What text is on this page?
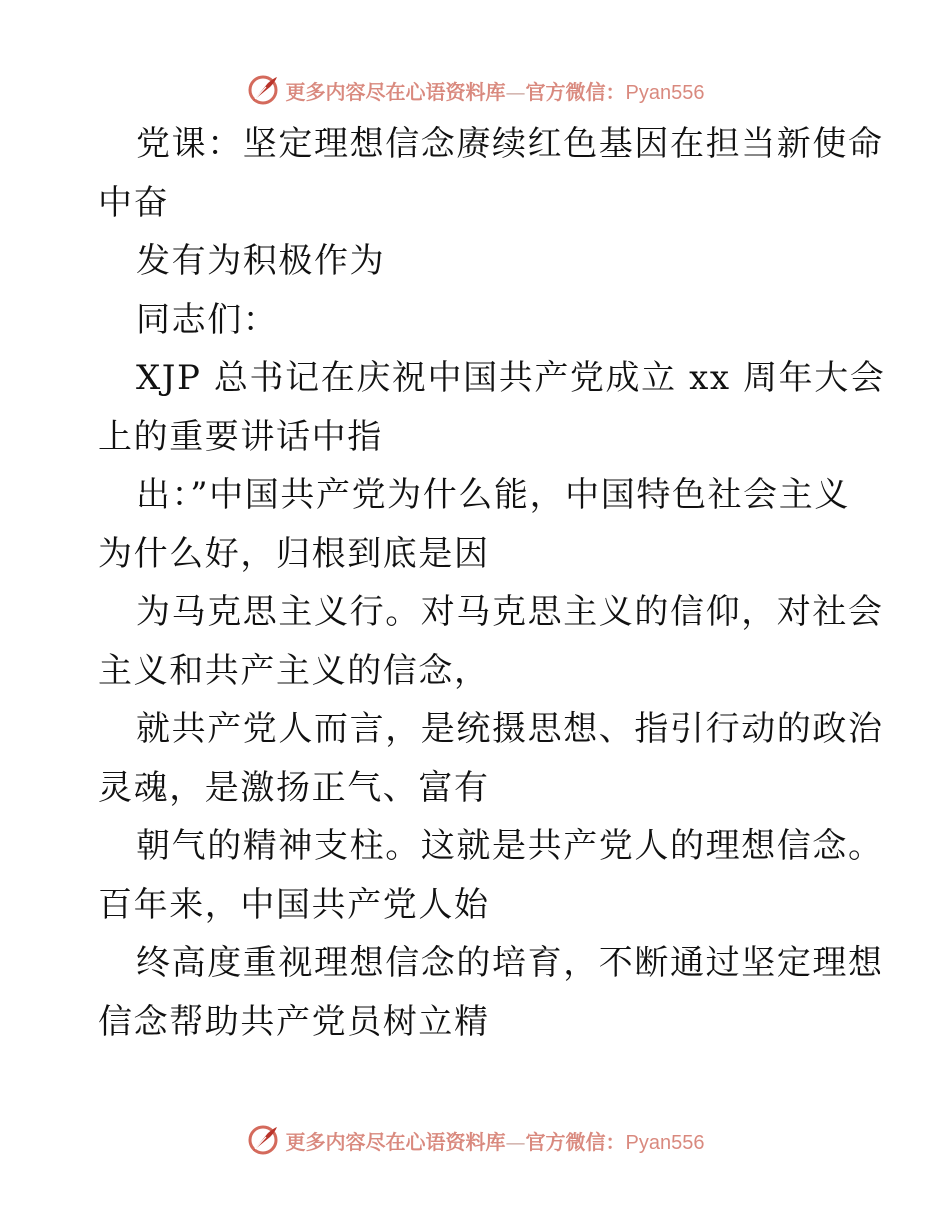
更多内容尽在心语资料库—官方微信：Pyan556

党课：坚定理想信念赓续红色基因在担当新使命
中奋

发有为积极作为

同志们：

XJP 总书记在庆祝中国共产党成立 xx 周年大会
上的重要讲话中指

出：”中国共产党为什么能，中国特色社会主义
为什么好，归根到底是因

为马克思主义行。对马克思主义的信仰，对社会
主义和共产主义的信念，

就共产党人而言，是统摄思想、指引行动的政治
灵魂，是激扬正气、富有

朝气的精神支柱。这就是共产党人的理想信念。
百年来，中国共产党人始

终高度重视理想信念的培育，不断通过坚定理想
信念帮助共产党员树立精

更多内容尽在心语资料库—官方微信：Pyan556
